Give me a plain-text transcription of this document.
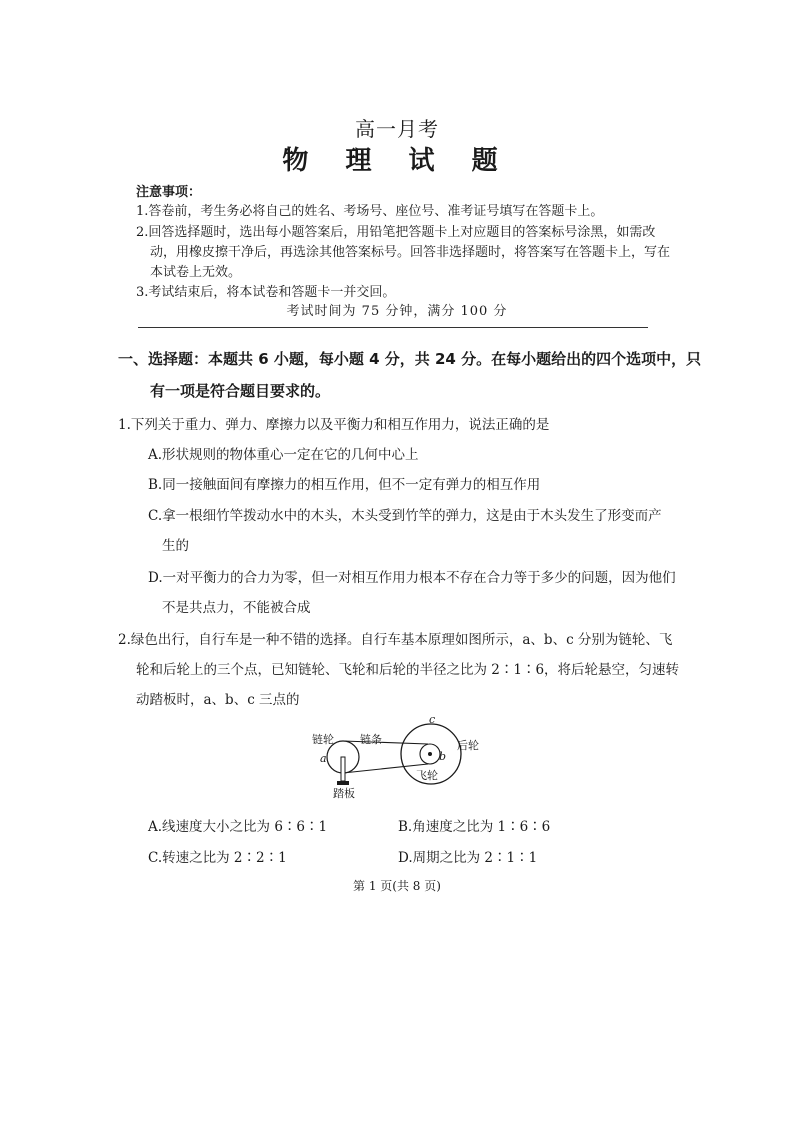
高一月考
物 理 试 题
注意事项：
1.答卷前，考生务必将自己的姓名、考场号、座位号、准考证号填写在答题卡上。
2.回答选择题时，选出每小题答案后，用铅笔把答题卡上对应题目的答案标号涂黑，如需改
动，用橡皮擦干净后，再选涂其他答案标号。回答非选择题时，将答案写在答题卡上，写在
本试卷上无效。
3.考试结束后，将本试卷和答题卡一并交回。
考试时间为 75 分钟，满分 100 分
一、选择题：本题共 6 小题，每小题 4 分，共 24 分。在每小题给出的四个选项中，只
有一项是符合题目要求的。
1.下列关于重力、弹力、摩擦力以及平衡力和相互作用力，说法正确的是
A.形状规则的物体重心一定在它的几何中心上
B.同一接触面间有摩擦力的相互作用，但不一定有弹力的相互作用
C.拿一根细竹竿拨动水中的木头，木头受到竹竿的弹力，这是由于木头发生了形变而产
生的
D.一对平衡力的合力为零，但一对相互作用力根本不存在合力等于多少的问题，因为他们
不是共点力，不能被合成
2.绿色出行，自行车是一种不错的选择。自行车基本原理如图所示，a、b、c 分别为链轮、飞
轮和后轮上的三个点，已知链轮、飞轮和后轮的半径之比为 2∶1∶6，将后轮悬空，匀速转
动踏板时，a、b、c 三点的
链轮 链条	后轮
飞轮
踏板
a	b
c
A.线速度大小之比为 6∶6∶1	B.角速度之比为 1∶6∶6
C.转速之比为 2∶2∶1	D.周期之比为 2∶1∶1
第 1 页(共 8 页)
